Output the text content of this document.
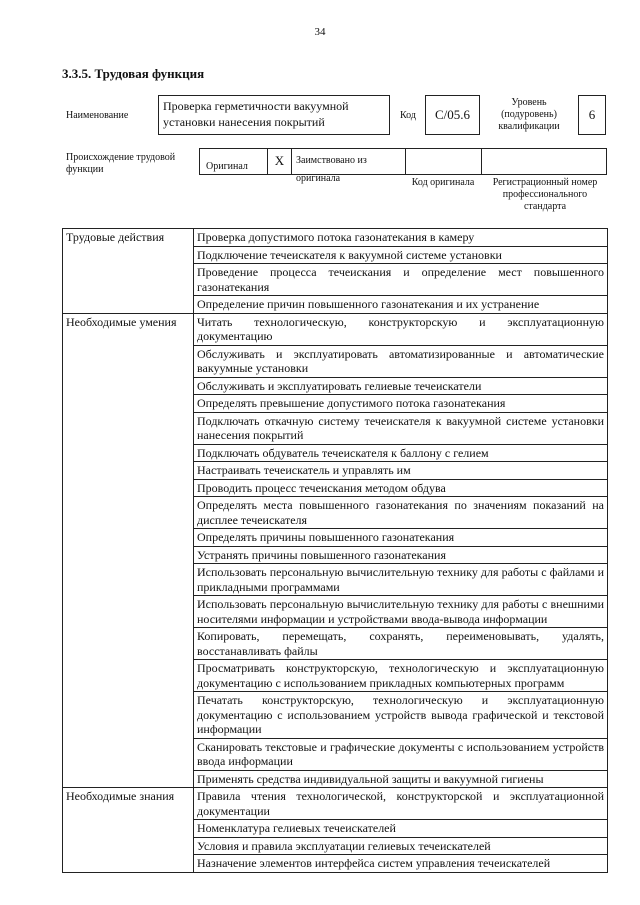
34
3.3.5. Трудовая функция
Наименование
Проверка герметичности вакуумной установки нанесения покрытий	Код	C/05.6
Уровень (подуровень) квалификации
6
Происхождение трудовой функции	Оригинал	X	Заимствовано из оригинала	Код оригинала	Регистрационный номер профессионального стандарта
Трудовые действия	Проверка допустимого потока газонатекания в камеру
	Подключение течеискателя к вакуумной системе установки
	Проведение процесса течеискания и определение мест повышенного газонатекания
	Определение причин повышенного газонатекания и их устранение
Необходимые умения	Читать технологическую, конструкторскую и эксплуатационную документацию
	Обслуживать и эксплуатировать автоматизированные и автоматические вакуумные установки
	Обслуживать и эксплуатировать гелиевые течеискатели
	Определять превышение допустимого потока газонатекания
	Подключать откачную систему течеискателя к вакуумной системе установки нанесения покрытий
	Подключать обдуватель течеискателя к баллону с гелием
	Настраивать течеискатель и управлять им
	Проводить процесс течеискания методом обдува
	Определять места повышенного газонатекания по значениям показаний на дисплее течеискателя
	Определять причины повышенного газонатекания
	Устранять причины повышенного газонатекания
	Использовать персональную вычислительную технику для работы с файлами и прикладными программами
	Использовать персональную вычислительную технику для работы с внешними носителями информации и устройствами ввода-вывода информации
	Копировать, перемещать, сохранять, переименовывать, удалять, восстанавливать файлы
	Просматривать конструкторскую, технологическую и эксплуатационную документацию с использованием прикладных компьютерных программ
	Печатать конструкторскую, технологическую и эксплуатационную документацию с использованием устройств вывода графической и текстовой информации
	Сканировать текстовые и графические документы с использованием устройств ввода информации
	Применять средства индивидуальной защиты и вакуумной гигиены
Необходимые знания	Правила чтения технологической, конструкторской и эксплуатационной документации
	Номенклатура гелиевых течеискателей
	Условия и правила эксплуатации гелиевых течеискателей
	Назначение элементов интерфейса систем управления течеискателей
